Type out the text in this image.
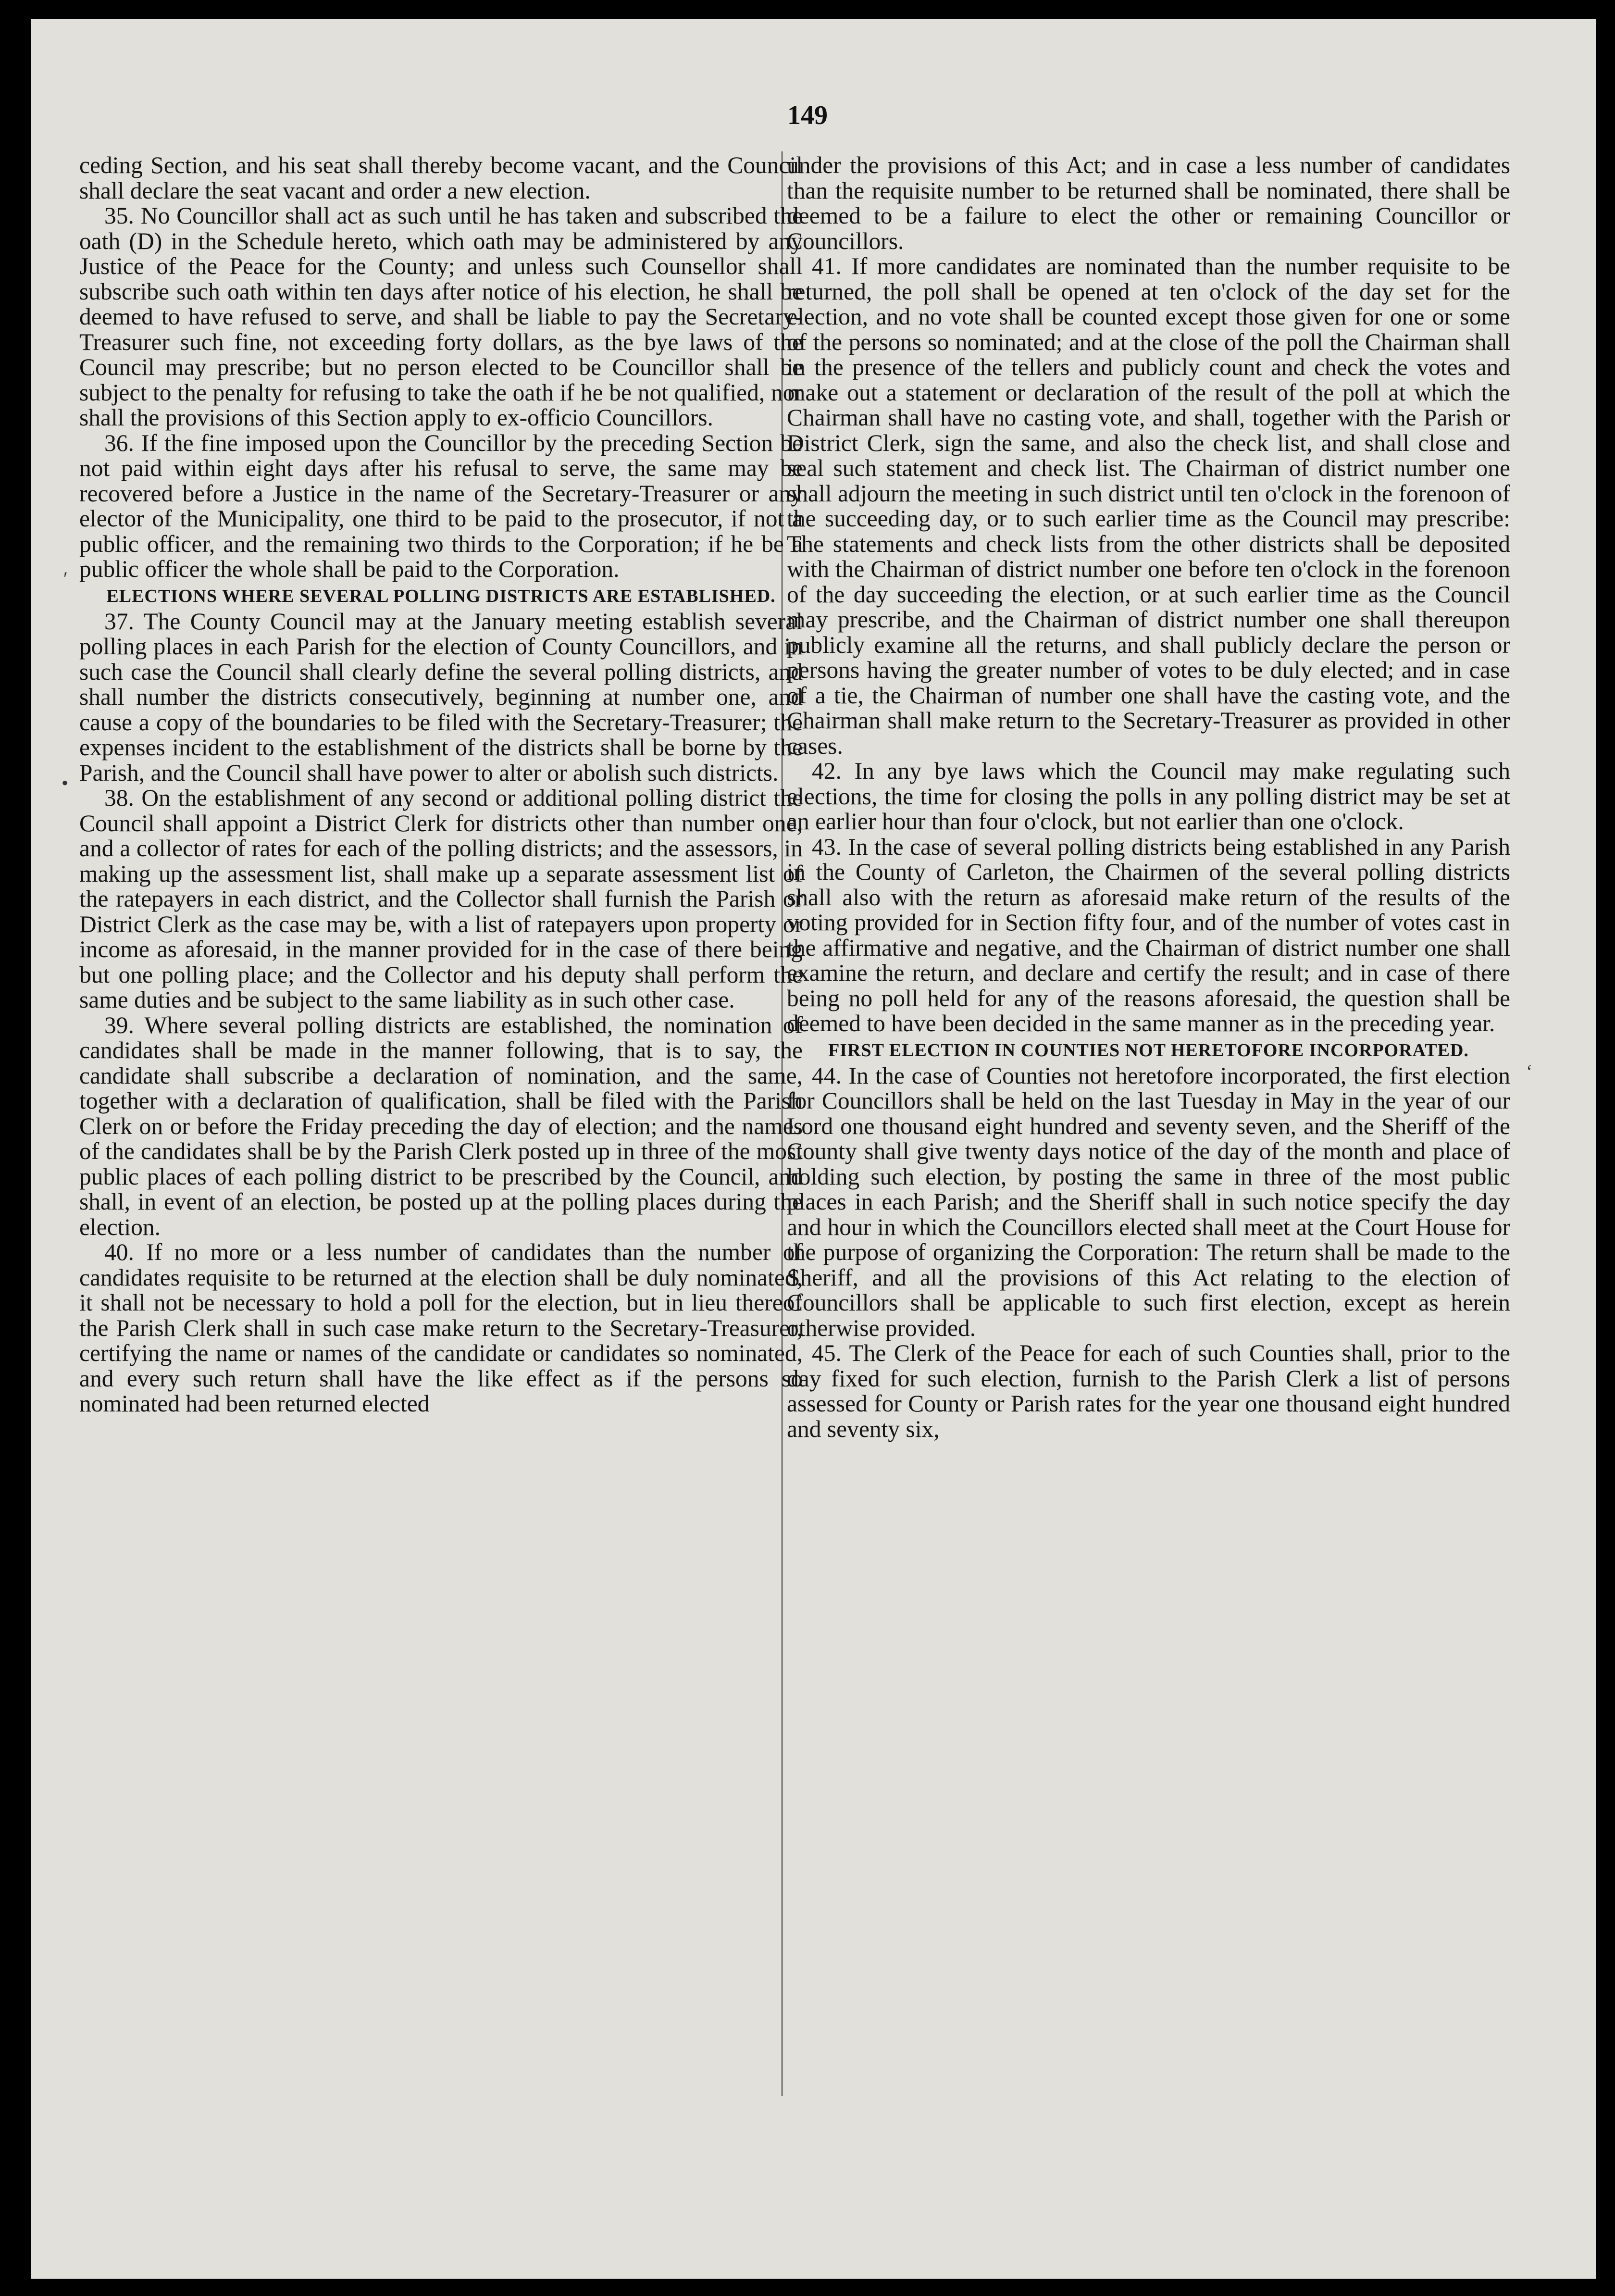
149

ceding Section, and his seat shall thereby become vacant, and the Council shall declare the seat vacant and order a new election.

35. No Councillor shall act as such until he has taken and subscribed the oath (D) in the Schedule hereto, which oath may be administered by any Justice of the Peace for the County; and unless such Counsellor shall subscribe such oath within ten days after notice of his election, he shall be deemed to have refused to serve, and shall be liable to pay the Secretary-Treasurer such fine, not exceeding forty dollars, as the bye laws of the Council may prescribe; but no person elected to be Councillor shall be subject to the penalty for refusing to take the oath if he be not qualified, nor shall the provisions of this Section apply to ex-officio Councillors.

36. If the fine imposed upon the Councillor by the preceding Section be not paid within eight days after his refusal to serve, the same may be recovered before a Justice in the name of the Secretary-Treasurer or any elector of the Municipality, one third to be paid to the prosecutor, if not a public officer, and the remaining two thirds to the Corporation; if he be a public officer the whole shall be paid to the Corporation.

ELECTIONS WHERE SEVERAL POLLING DISTRICTS ARE ESTABLISHED.

37. The County Council may at the January meeting establish several polling places in each Parish for the election of County Councillors, and in such case the Council shall clearly define the several polling districts, and shall number the districts consecutively, beginning at number one, and cause a copy of the boundaries to be filed with the Secretary-Treasurer; the expenses incident to the establishment of the districts shall be borne by the Parish, and the Council shall have power to alter or abolish such districts.

38. On the establishment of any second or additional polling district the Council shall appoint a District Clerk for districts other than number one, and a collector of rates for each of the polling districts; and the assessors, in making up the assessment list, shall make up a separate assessment list of the ratepayers in each district, and the Collector shall furnish the Parish or District Clerk as the case may be, with a list of ratepayers upon property or income as aforesaid, in the manner provided for in the case of there being but one polling place; and the Collector and his deputy shall perform the same duties and be subject to the same liability as in such other case.

39. Where several polling districts are established, the nomination of candidates shall be made in the manner following, that is to say, the candidate shall subscribe a declaration of nomination, and the same, together with a declaration of qualification, shall be filed with the Parish Clerk on or before the Friday preceding the day of election; and the names of the candidates shall be by the Parish Clerk posted up in three of the most public places of each polling district to be prescribed by the Council, and shall, in event of an election, be posted up at the polling places during the election.

40. If no more or a less number of candidates than the number of candidates requisite to be returned at the election shall be duly nominated, it shall not be necessary to hold a poll for the election, but in lieu thereof the Parish Clerk shall in such case make return to the Secretary-Treasurer, certifying the name or names of the candidate or candidates so nominated, and every such return shall have the like effect as if the persons so nominated had been returned elected

under the provisions of this Act; and in case a less number of candidates than the requisite number to be returned shall be nominated, there shall be deemed to be a failure to elect the other or remaining Councillor or Councillors.

41. If more candidates are nominated than the number requisite to be returned, the poll shall be opened at ten o'clock of the day set for the election, and no vote shall be counted except those given for one or some of the persons so nominated; and at the close of the poll the Chairman shall in the presence of the tellers and publicly count and check the votes and make out a statement or declaration of the result of the poll at which the Chairman shall have no casting vote, and shall, together with the Parish or District Clerk, sign the same, and also the check list, and shall close and seal such statement and check list. The Chairman of district number one shall adjourn the meeting in such district until ten o'clock in the forenoon of the succeeding day, or to such earlier time as the Council may prescribe: The statements and check lists from the other districts shall be deposited with the Chairman of district number one before ten o'clock in the forenoon of the day succeeding the election, or at such earlier time as the Council may prescribe, and the Chairman of district number one shall thereupon publicly examine all the returns, and shall publicly declare the person or persons having the greater number of votes to be duly elected; and in case of a tie, the Chairman of number one shall have the casting vote, and the Chairman shall make return to the Secretary-Treasurer as provided in other cases.

42. In any bye laws which the Council may make regulating such elections, the time for closing the polls in any polling district may be set at an earlier hour than four o'clock, but not earlier than one o'clock.

43. In the case of several polling districts being established in any Parish in the County of Carleton, the Chairmen of the several polling districts shall also with the return as aforesaid make return of the results of the voting provided for in Section fifty four, and of the number of votes cast in the affirmative and negative, and the Chairman of district number one shall examine the return, and declare and certify the result; and in case of there being no poll held for any of the reasons aforesaid, the question shall be deemed to have been decided in the same manner as in the preceding year.

FIRST ELECTION IN COUNTIES NOT HERETOFORE INCORPORATED.

44. In the case of Counties not heretofore incorporated, the first election for Councillors shall be held on the last Tuesday in May in the year of our Lord one thousand eight hundred and seventy seven, and the Sheriff of the County shall give twenty days notice of the day of the month and place of holding such election, by posting the same in three of the most public places in each Parish; and the Sheriff shall in such notice specify the day and hour in which the Councillors elected shall meet at the Court House for the purpose of organizing the Corporation: The return shall be made to the Sheriff, and all the provisions of this Act relating to the election of Councillors shall be applicable to such first election, except as herein otherwise provided.

45. The Clerk of the Peace for each of such Counties shall, prior to the day fixed for such election, furnish to the Parish Clerk a list of persons assessed for County or Parish rates for the year one thousand eight hundred and seventy six,

′
•
‘
